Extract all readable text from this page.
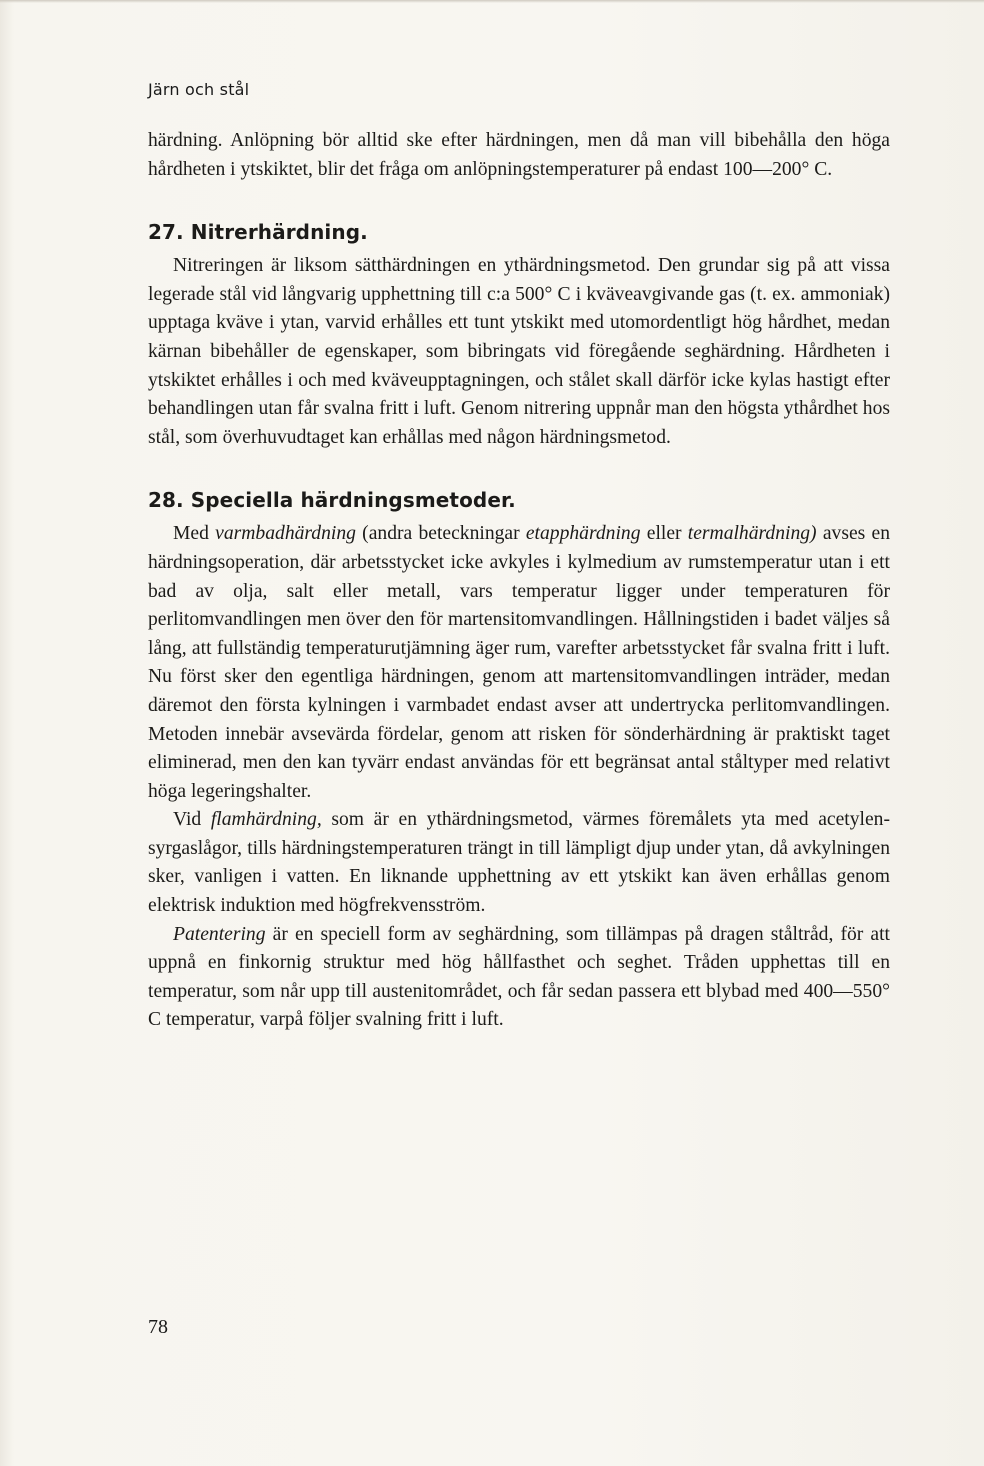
Järn och stål

härdning. Anlöpning bör alltid ske efter härdningen, men då man vill bibehålla den höga hårdheten i ytskiktet, blir det fråga om anlöpningstemperaturer på endast 100—200° C.

27. Nitrerhärdning.

Nitreringen är liksom sätthärdningen en ythärdningsmetod. Den grundar sig på att vissa legerade stål vid långvarig upphettning till c:a 500° C i kväveavgivande gas (t. ex. ammoniak) upptaga kväve i ytan, varvid erhålles ett tunt ytskikt med utomordentligt hög hårdhet, medan kärnan bibehåller de egenskaper, som bibringats vid föregående seghärdning. Hårdheten i ytskiktet erhålles i och med kväveupptagningen, och stålet skall därför icke kylas hastigt efter behandlingen utan får svalna fritt i luft. Genom nitrering uppnår man den högsta ythårdhet hos stål, som överhuvudtaget kan erhållas med någon härdningsmetod.

28. Speciella härdningsmetoder.

Med varmbadhärdning (andra beteckningar etapphärdning eller termalhärdning) avses en härdningsoperation, där arbetsstycket icke avkyles i kylmedium av rumstemperatur utan i ett bad av olja, salt eller metall, vars temperatur ligger under temperaturen för perlitomvandlingen men över den för martensitomvandlingen. Hållningstiden i badet väljes så lång, att fullständig temperaturutjämning äger rum, varefter arbetsstycket får svalna fritt i luft. Nu först sker den egentliga härdningen, genom att martensitomvandlingen inträder, medan däremot den första kylningen i varmbadet endast avser att undertrycka perlitomvandlingen. Metoden innebär avsevärda fördelar, genom att risken för sönderhärdning är praktiskt taget eliminerad, men den kan tyvärr endast användas för ett begränsat antal ståltyper med relativt höga legeringshalter.

Vid flamhärdning, som är en ythärdningsmetod, värmes föremålets yta med acetylen-syrgaslågor, tills härdningstemperaturen trängt in till lämpligt djup under ytan, då avkylningen sker, vanligen i vatten. En liknande upphettning av ett ytskikt kan även erhållas genom elektrisk induktion med högfrekvensström.

Patentering är en speciell form av seghärdning, som tillämpas på dragen ståltråd, för att uppnå en finkornig struktur med hög hållfasthet och seghet. Tråden upphettas till en temperatur, som når upp till austenitområdet, och får sedan passera ett blybad med 400—550° C temperatur, varpå följer svalning fritt i luft.

78
